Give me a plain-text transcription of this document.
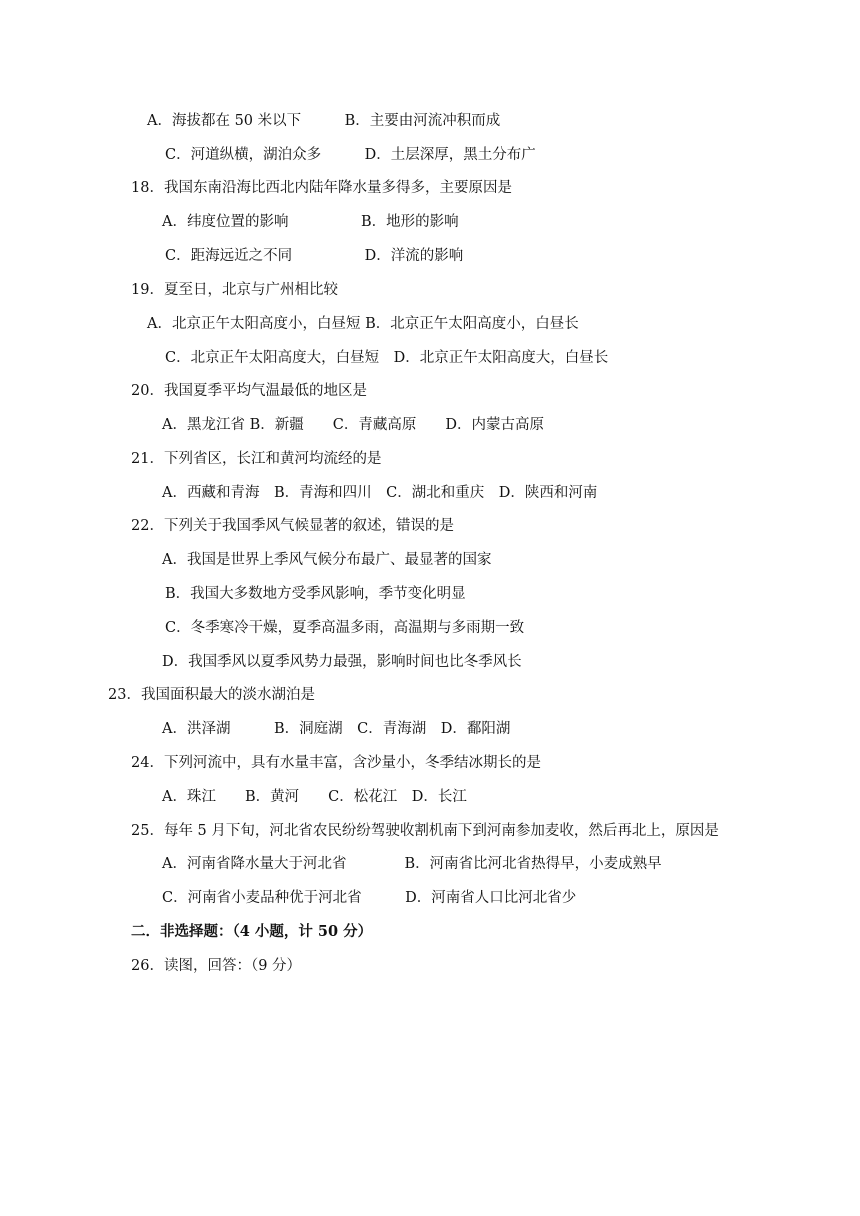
A．海拔都在 50 米以下　　　B．主要由河流冲积而成
C．河道纵横，湖泊众多　　　D．土层深厚，黑土分布广
18．我国东南沿海比西北内陆年降水量多得多，主要原因是
A．纬度位置的影响　　　　　B．地形的影响
C．距海远近之不同　　　　　D．洋流的影响
19．夏至日，北京与广州相比较
A．北京正午太阳高度小，白昼短 B．北京正午太阳高度小，白昼长
C．北京正午太阳高度大，白昼短　D．北京正午太阳高度大，白昼长
20．我国夏季平均气温最低的地区是
A．黑龙江省 B．新疆　　C．青藏高原　　D．内蒙古高原
21．下列省区，长江和黄河均流经的是
A．西藏和青海　B．青海和四川　C．湖北和重庆　D．陕西和河南
22．下列关于我国季风气候显著的叙述，错误的是
A．我国是世界上季风气候分布最广、最显著的国家
B．我国大多数地方受季风影响，季节变化明显
C．冬季寒冷干燥，夏季高温多雨，高温期与多雨期一致
D．我国季风以夏季风势力最强，影响时间也比冬季风长
23．我国面积最大的淡水湖泊是
A．洪泽湖　　　B．洞庭湖　C．青海湖　D．鄱阳湖
24．下列河流中，具有水量丰富，含沙量小，冬季结冰期长的是
A．珠江　　B．黄河　　C．松花江　D．长江
25．每年 5 月下旬，河北省农民纷纷驾驶收割机南下到河南参加麦收，然后再北上，原因是
A．河南省降水量大于河北省　　　　B．河南省比河北省热得早，小麦成熟早
C．河南省小麦品种优于河北省　　　D．河南省人口比河北省少
二．非选择题：（4 小题，计 50 分）
26．读图，回答：（9 分）
